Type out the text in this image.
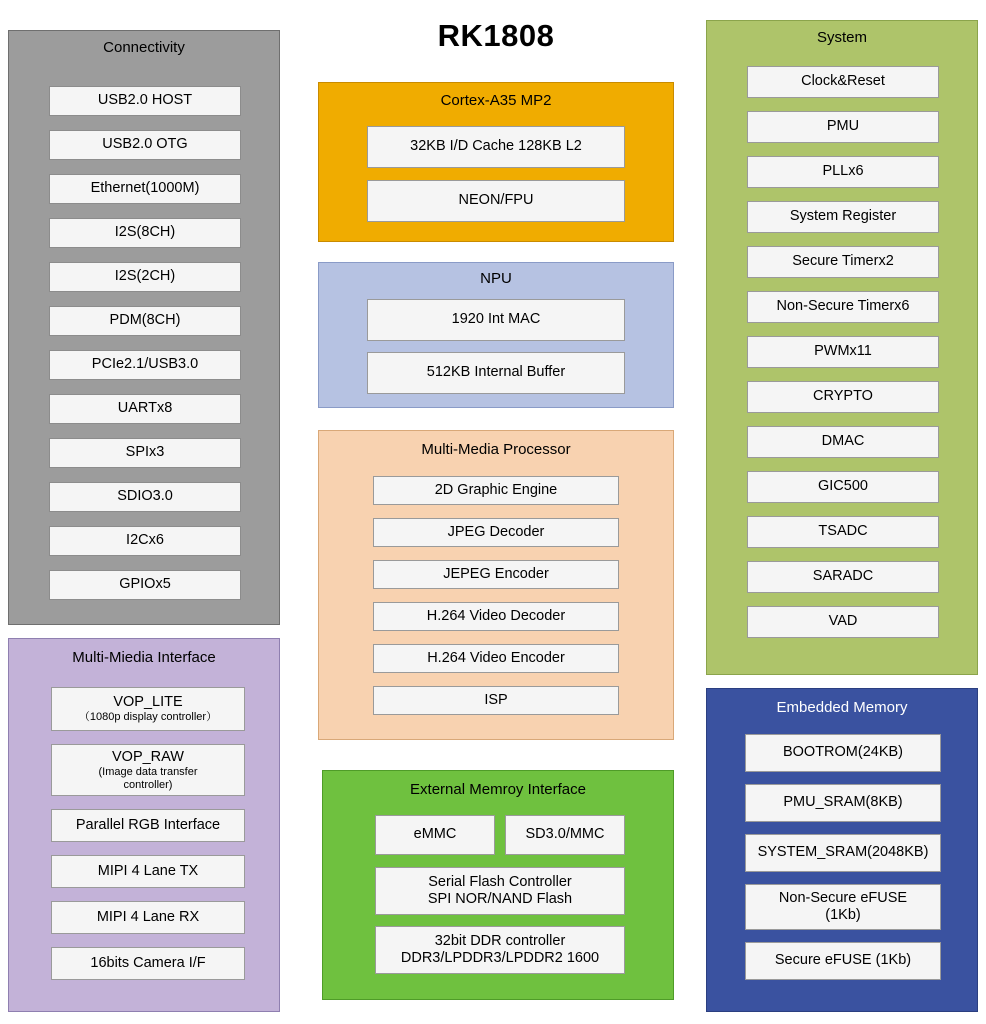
RK1808
Connectivity
USB2.0 HOST
USB2.0 OTG
Ethernet(1000M)
I2S(8CH)
I2S(2CH)
PDM(8CH)
PCIe2.1/USB3.0
UARTx8
SPIx3
SDIO3.0
I2Cx6
GPIOx5
Multi-Miedia Interface
VOP_LITE
（1080p display controller）
VOP_RAW
(Image data transfer
controller)
Parallel RGB Interface
MIPI 4 Lane TX
MIPI 4 Lane RX
16bits Camera I/F
Cortex-A35 MP2
32KB I/D Cache 128KB L2
NEON/FPU
NPU
1920 Int MAC
512KB Internal Buffer
Multi-Media Processor
2D Graphic Engine
JPEG Decoder
JEPEG Encoder
H.264 Video Decoder
H.264 Video Encoder
ISP
External Memroy Interface
eMMC	SD3.0/MMC
Serial Flash Controller
SPI NOR/NAND Flash
32bit DDR controller
DDR3/LPDDR3/LPDDR2 1600
System
Clock&Reset
PMU
PLLx6
System Register
Secure Timerx2
Non-Secure Timerx6
PWMx11
CRYPTO
DMAC
GIC500
TSADC
SARADC
VAD
Embedded Memory
BOOTROM(24KB)
PMU_SRAM(8KB)
SYSTEM_SRAM(2048KB)
Non-Secure eFUSE
(1Kb)
Secure eFUSE (1Kb)
